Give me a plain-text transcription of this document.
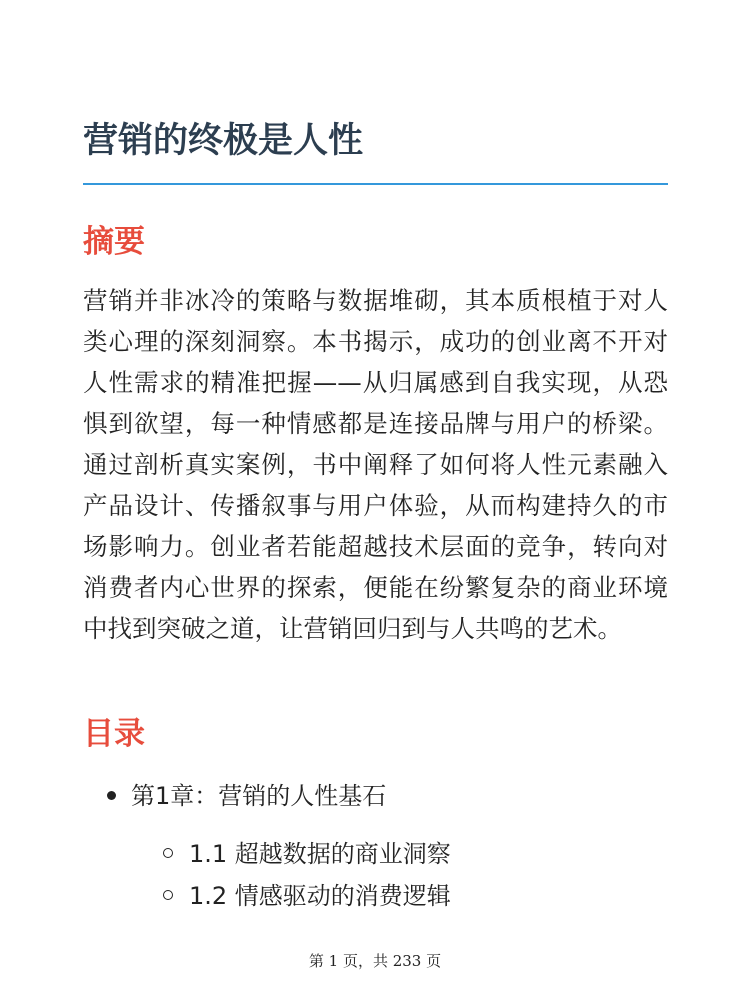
营销的终极是人性
摘要

营销并非冰冷的策略与数据堆砌，其本质根植于对人类心理的深刻洞察。本书揭示，成功的创业离不开对人性需求的精准把握——从归属感到自我实现，从恐惧到欲望，每一种情感都是连接品牌与用户的桥梁。通过剖析真实案例，书中阐释了如何将人性元素融入产品设计、传播叙事与用户体验，从而构建持久的市场影响力。创业者若能超越技术层面的竞争，转向对消费者内心世界的探索，便能在纷繁复杂的商业环境中找到突破之道，让营销回归到与人共鸣的艺术。

目录
第1章：营销的人性基石
1.1 超越数据的商业洞察
1.2 情感驱动的消费逻辑
第 1 页，共 233 页
